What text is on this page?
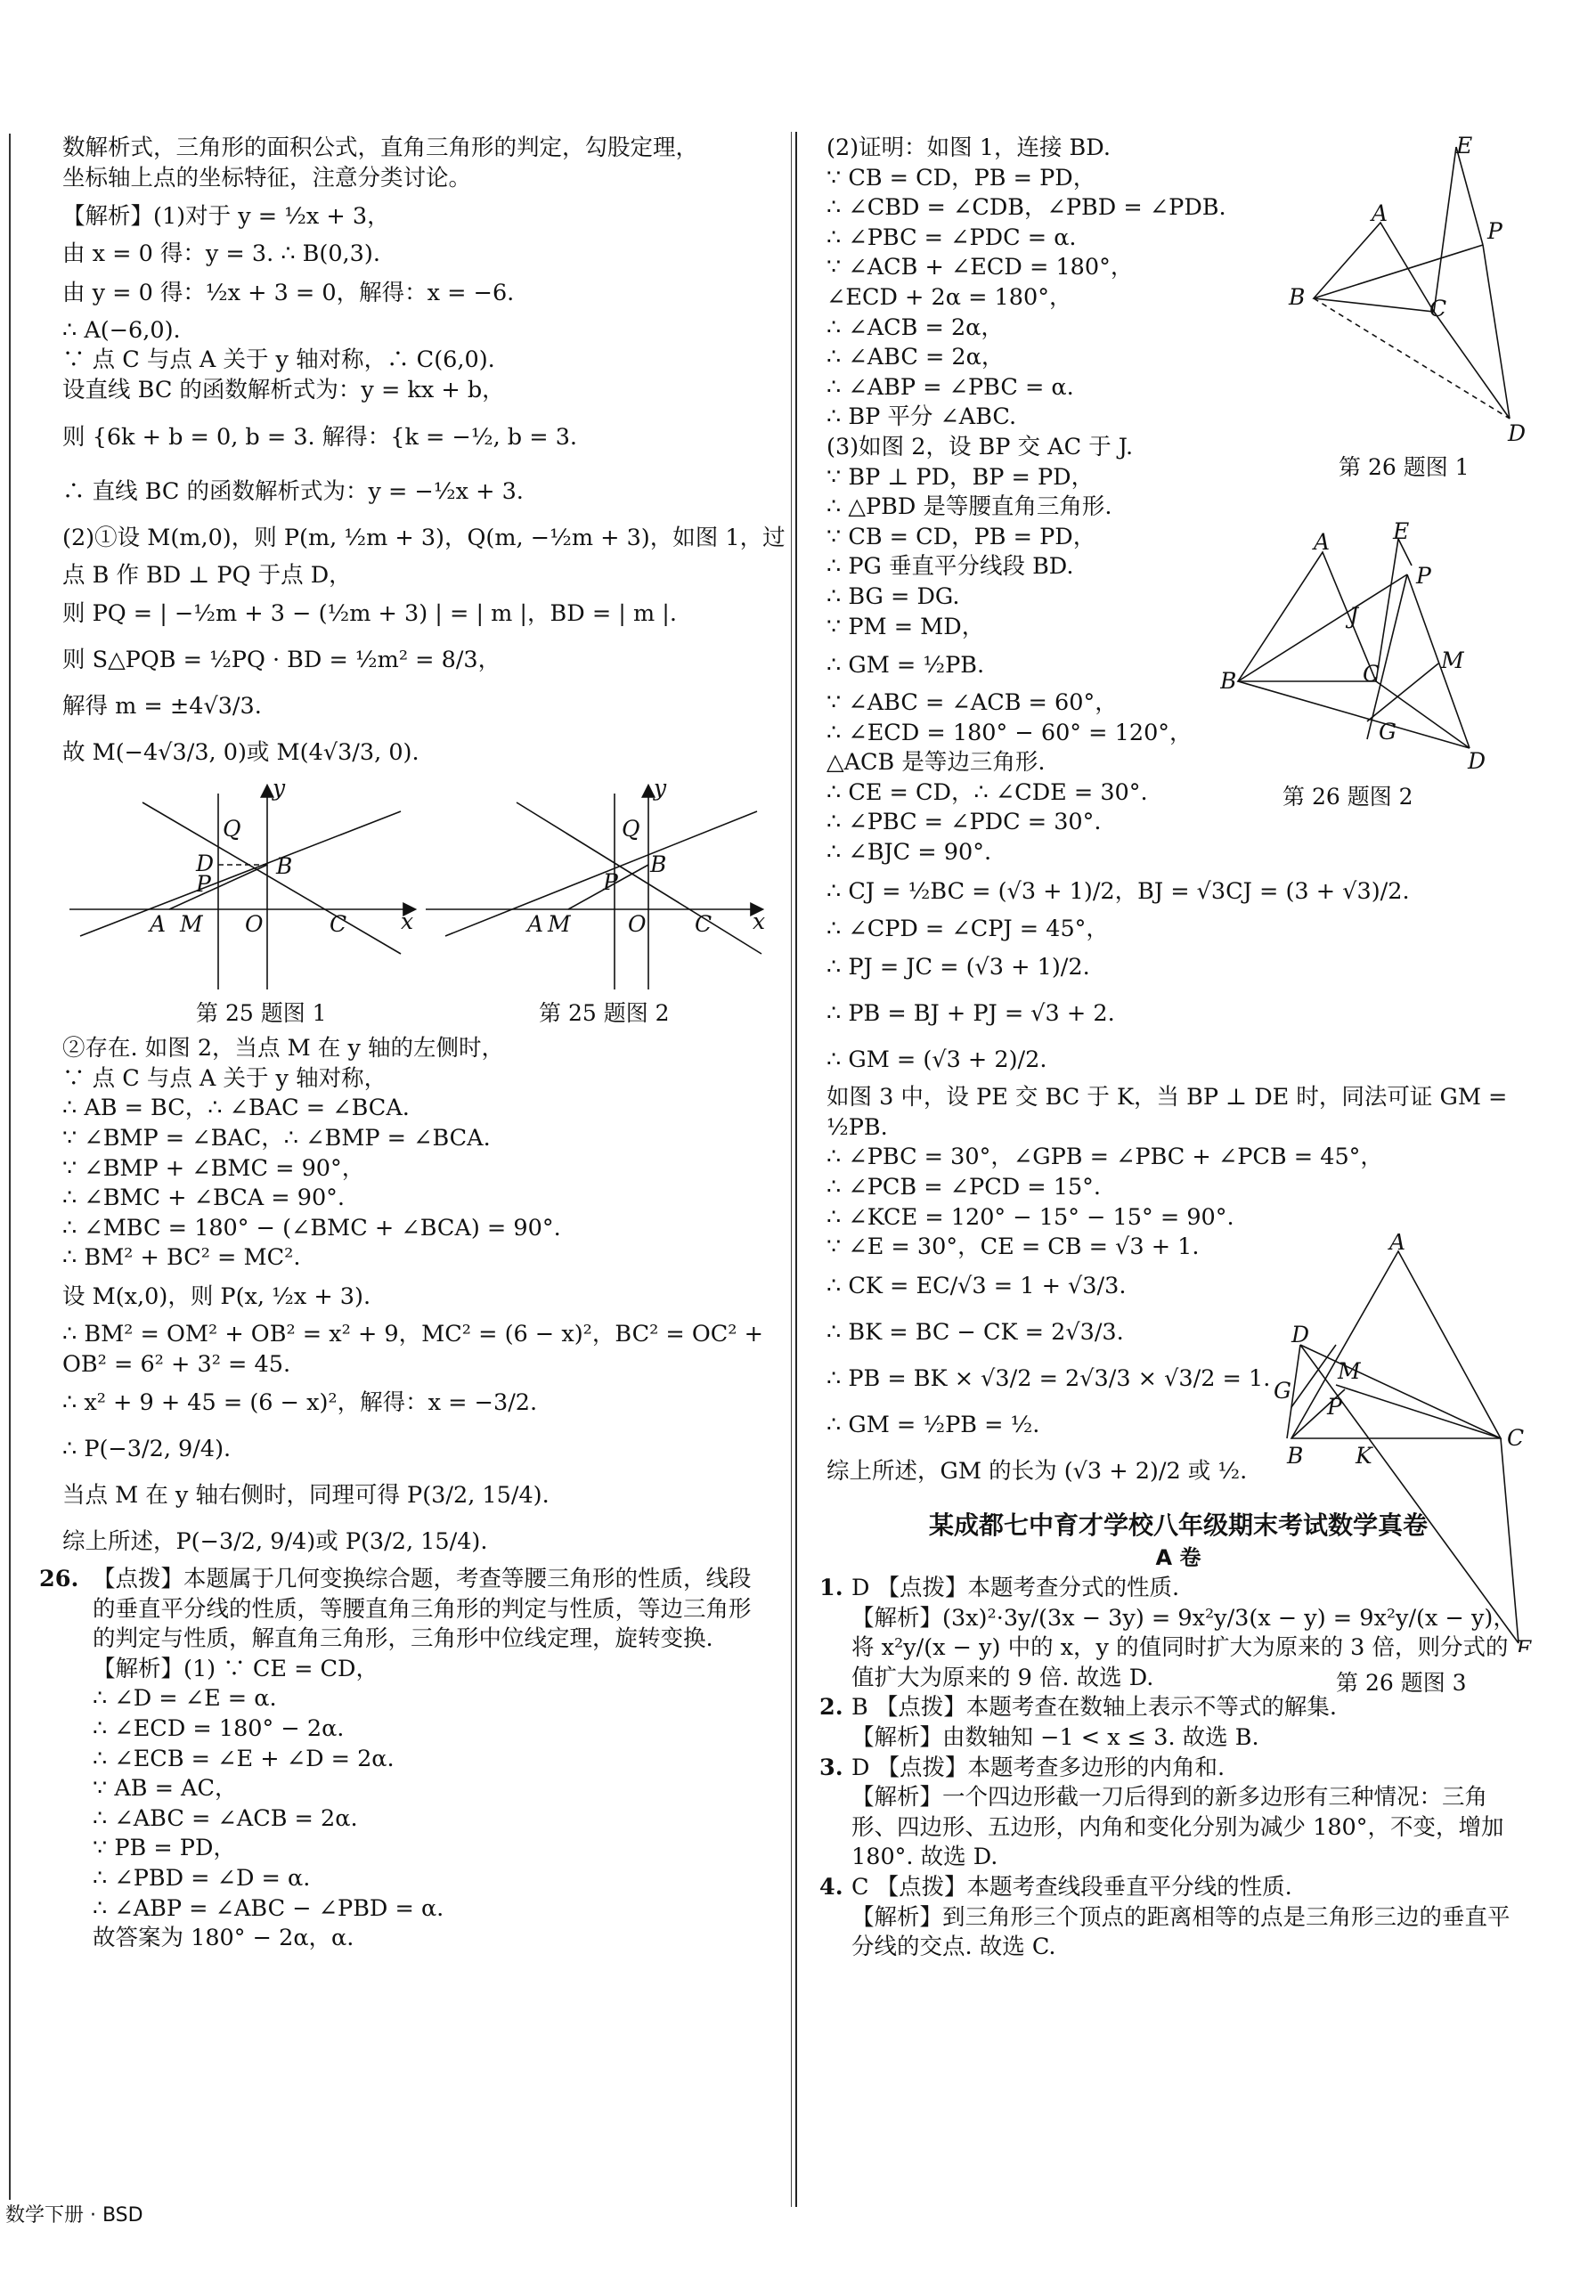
数解析式，三角形的面积公式，直角三角形的判定，勾股定理，
坐标轴上点的坐标特征，注意分类讨论。
【解析】(1)对于 y = ½x + 3，
由 x = 0 得：y = 3. ∴ B(0,3).
由 y = 0 得：½x + 3 = 0，解得：x = −6.
∴ A(−6,0).
∵ 点 C 与点 A 关于 y 轴对称，∴ C(6,0).
设直线 BC 的函数解析式为：y = kx + b，
则 {6k + b = 0, b = 3. 解得：{k = −½, b = 3.
∴ 直线 BC 的函数解析式为：y = −½x + 3.
(2)①设 M(m,0)，则 P(m, ½m + 3)，Q(m, −½m + 3)，如图 1，过
点 B 作 BD ⊥ PQ 于点 D，
则 PQ = | −½m + 3 − (½m + 3) | = | m |，BD = | m |.
则 S△PQB = ½PQ · BD = ½m² = 8/3，
解得 m = ±4√3/3.
故 M(−4√3/3, 0)或 M(4√3/3, 0).
y
x
Q
D
P
B
A M O	C
y
x
Q
P
B
A M	O C
第 25 题图 1	第 25 题图 2
②存在. 如图 2，当点 M 在 y 轴的左侧时，
∵ 点 C 与点 A 关于 y 轴对称，
∴ AB = BC，∴ ∠BAC = ∠BCA.
∵ ∠BMP = ∠BAC，∴ ∠BMP = ∠BCA.
∵ ∠BMP + ∠BMC = 90°，
∴ ∠BMC + ∠BCA = 90°.
∴ ∠MBC = 180° − (∠BMC + ∠BCA) = 90°.
∴ BM² + BC² = MC².
设 M(x,0)，则 P(x, ½x + 3).
∴ BM² = OM² + OB² = x² + 9，MC² = (6 − x)²，BC² = OC² +
OB² = 6² + 3² = 45.
∴ x² + 9 + 45 = (6 − x)²，解得：x = −3/2.
∴ P(−3/2, 9/4).
当点 M 在 y 轴右侧时，同理可得 P(3/2, 15/4).
综上所述，P(−3/2, 9/4)或 P(3/2, 15/4).
26. 【点拨】本题属于几何变换综合题，考查等腰三角形的性质，线段的垂直平分线的性质，等腰直角三角形的判定与性质，等边三角形的判定与性质，解直角三角形，三角形中位线定理，旋转变换.
【解析】(1) ∵ CE = CD，
∴ ∠D = ∠E = α.
∴ ∠ECD = 180° − 2α.
∴ ∠ECB = ∠E + ∠D = 2α.
∵ AB = AC，
∴ ∠ABC = ∠ACB = 2α.
∵ PB = PD，
∴ ∠PBD = ∠D = α.
∴ ∠ABP = ∠ABC − ∠PBD = α.
故答案为 180° − 2α，α.
(2)证明：如图 1，连接 BD.
∵ CB = CD，PB = PD，
∴ ∠CBD = ∠CDB，∠PBD = ∠PDB.
∴ ∠PBC = ∠PDC = α.
∵ ∠ACB + ∠ECD = 180°，
∠ECD + 2α = 180°，
∴ ∠ACB = 2α，
∴ ∠ABC = 2α，
∴ ∠ABP = ∠PBC = α.
∴ BP 平分 ∠ABC.
(3)如图 2，设 BP 交 AC 于 J.
∵ BP ⊥ PD，BP = PD，
∴ △PBD 是等腰直角三角形.
∵ CB = CD，PB = PD，
∴ PG 垂直平分线段 BD.
∴ BG = DG.
∵ PM = MD，
∴ GM = ½PB.
∵ ∠ABC = ∠ACB = 60°，
∴ ∠ECD = 180° − 60° = 120°，
△ACB 是等边三角形.
∴ CE = CD，∴ ∠CDE = 30°.
∴ ∠PBC = ∠PDC = 30°.
∴ ∠BJC = 90°.
∴ CJ = ½BC = (√3 + 1)/2，BJ = √3CJ = (3 + √3)/2.
∴ ∠CPD = ∠CPJ = 45°，
∴ PJ = JC = (√3 + 1)/2.
∴ PB = BJ + PJ = √3 + 2.
∴ GM = (√3 + 2)/2.
如图 3 中，设 PE 交 BC 于 K，当 BP ⊥ DE 时，同法可证 GM =
½PB.
∴ ∠PBC = 30°，∠GPB = ∠PBC + ∠PCB = 45°，
∴ ∠PCB = ∠PCD = 15°.
∴ ∠KCE = 120° − 15° − 15° = 90°.
∵ ∠E = 30°，CE = CB = √3 + 1.
∴ CK = EC/√3 = 1 + √3/3.
∴ BK = BC − CK = 2√3/3.
∴ PB = BK × √3/2 = 2√3/3 × √3/2 = 1.
∴ GM = ½PB = ½.
综上所述，GM 的长为 (√3 + 2)/2 或 ½.
某成都七中育才学校八年级期末考试数学真卷
A 卷
1. D 【点拨】本题考查分式的性质.
【解析】(3x)²·3y/(3x − 3y) = 9x²y/3(x − y) = 9x²y/(x − y)，将 x²y/(x − y) 中的 x，y 的值同时扩大为原来的 3 倍，则分式的值扩大为原来的 9 倍. 故选 D.
2. B 【点拨】本题考查在数轴上表示不等式的解集.
【解析】由数轴知 −1 < x ≤ 3. 故选 B.
3. D 【点拨】本题考查多边形的内角和.
【解析】一个四边形截一刀后得到的新多边形有三种情况：三角形、四边形、五边形，内角和变化分别为减少 180°，不变，增加 180°. 故选 D.
4. C 【点拨】本题考查线段垂直平分线的性质.
【解析】到三角形三个顶点的距离相等的点是三角形三边的垂直平分线的交点. 故选 C.
E
A
P
B	C
D
第 26 题图 1
E
A
P
J
B	C
M
G
D
第 26 题图 2
A
D
M
G
P
B K
C
E
第 26 题图 3
数学下册 · BSD
